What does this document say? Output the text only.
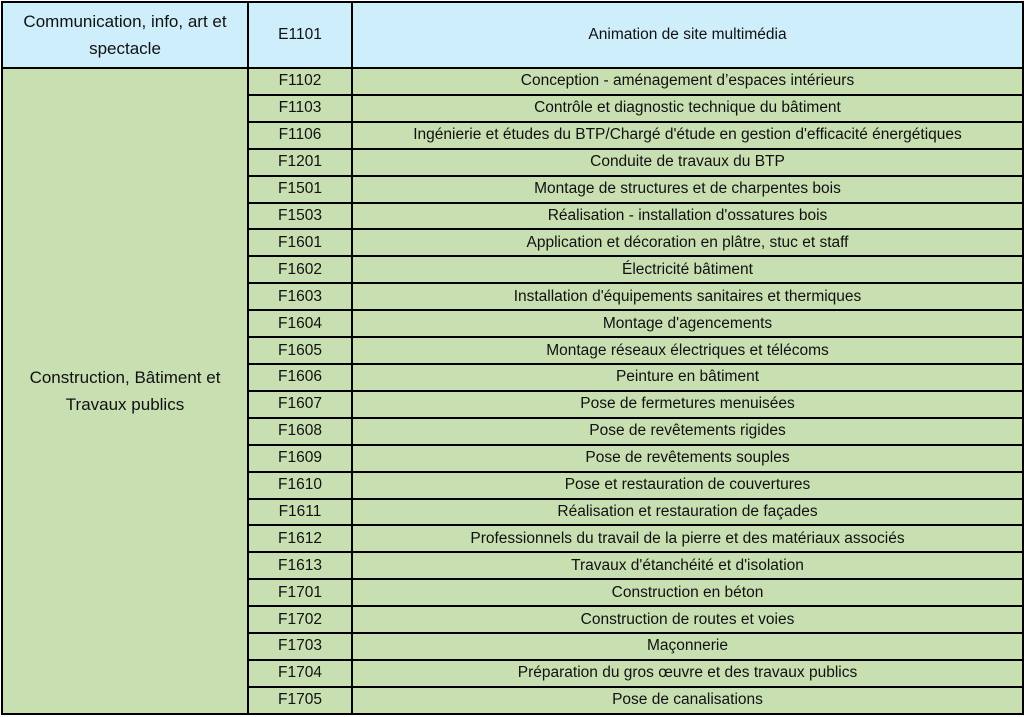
Communication, info, art et spectacle	E1101	Animation de site multimédia
Construction, Bâtiment et Travaux publics	F1102	Conception - aménagement d’espaces intérieurs
	F1103	Contrôle et diagnostic technique du bâtiment
	F1106	Ingénierie et études du BTP/Chargé d'étude en gestion d'efficacité énergétiques
	F1201	Conduite de travaux du BTP
	F1501	Montage de structures et de charpentes bois
	F1503	Réalisation - installation d'ossatures bois
	F1601	Application et décoration en plâtre, stuc et staff
	F1602	Électricité bâtiment
	F1603	Installation d'équipements sanitaires et thermiques
	F1604	Montage d'agencements
	F1605	Montage réseaux électriques et télécoms
	F1606	Peinture en bâtiment
	F1607	Pose de fermetures menuisées
	F1608	Pose de revêtements rigides
	F1609	Pose de revêtements souples
	F1610	Pose et restauration de couvertures
	F1611	Réalisation et restauration de façades
	F1612	Professionnels du travail de la pierre et des matériaux associés
	F1613	Travaux d'étanchéité et d'isolation
	F1701	Construction en béton
	F1702	Construction de routes et voies
	F1703	Maçonnerie
	F1704	Préparation du gros œuvre et des travaux publics
	F1705	Pose de canalisations
